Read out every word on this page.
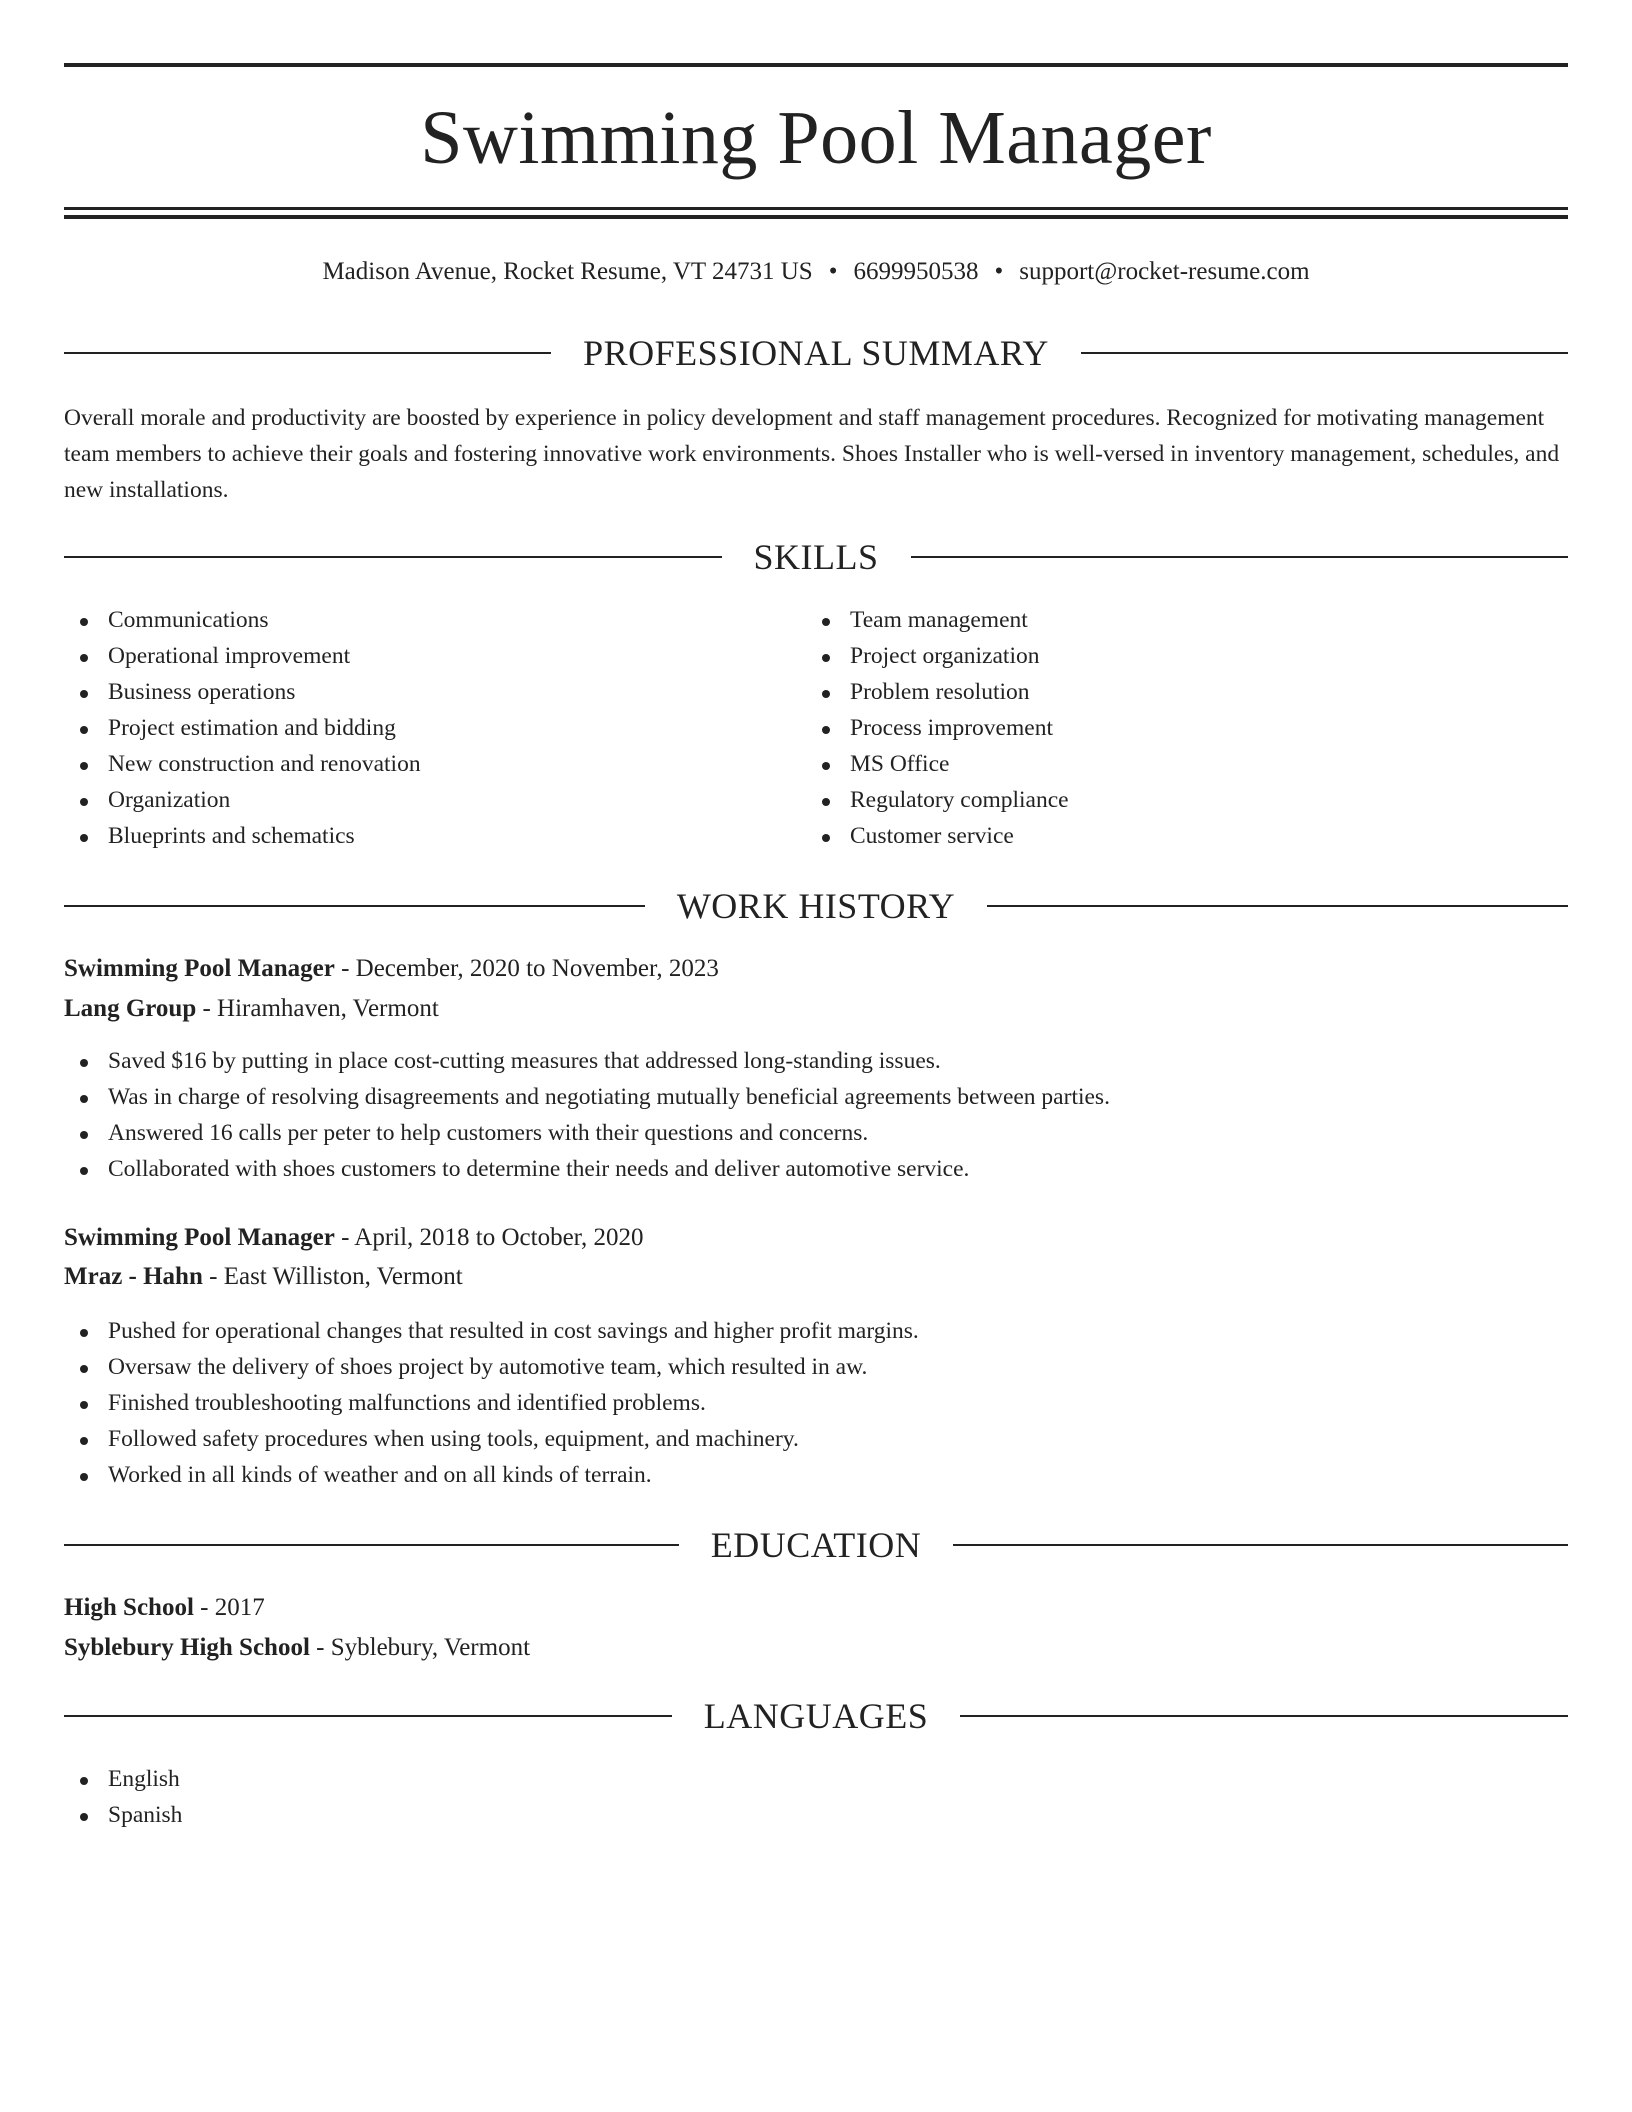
Swimming Pool Manager
Madison Avenue, Rocket Resume, VT 24731 US • 6699950538 • support@rocket-resume.com
PROFESSIONAL SUMMARY

Overall morale and productivity are boosted by experience in policy development and staff management procedures. Recognized for motivating management team members to achieve their goals and fostering innovative work environments. Shoes Installer who is well-versed in inventory management, schedules, and new installations.

SKILLS
Communications
Operational improvement
Business operations
Project estimation and bidding
New construction and renovation
Organization
Blueprints and schematics
Team management
Project organization
Problem resolution
Process improvement
MS Office
Regulatory compliance
Customer service
WORK HISTORY
Swimming Pool Manager - December, 2020 to November, 2023
Lang Group - Hiramhaven, Vermont
Saved $16 by putting in place cost-cutting measures that addressed long-standing issues.
Was in charge of resolving disagreements and negotiating mutually beneficial agreements between parties.
Answered 16 calls per peter to help customers with their questions and concerns.
Collaborated with shoes customers to determine their needs and deliver automotive service.
Swimming Pool Manager - April, 2018 to October, 2020
Mraz - Hahn - East Williston, Vermont
Pushed for operational changes that resulted in cost savings and higher profit margins.
Oversaw the delivery of shoes project by automotive team, which resulted in aw.
Finished troubleshooting malfunctions and identified problems.
Followed safety procedures when using tools, equipment, and machinery.
Worked in all kinds of weather and on all kinds of terrain.
EDUCATION
High School - 2017
Syblebury High School - Syblebury, Vermont
LANGUAGES
English
Spanish
